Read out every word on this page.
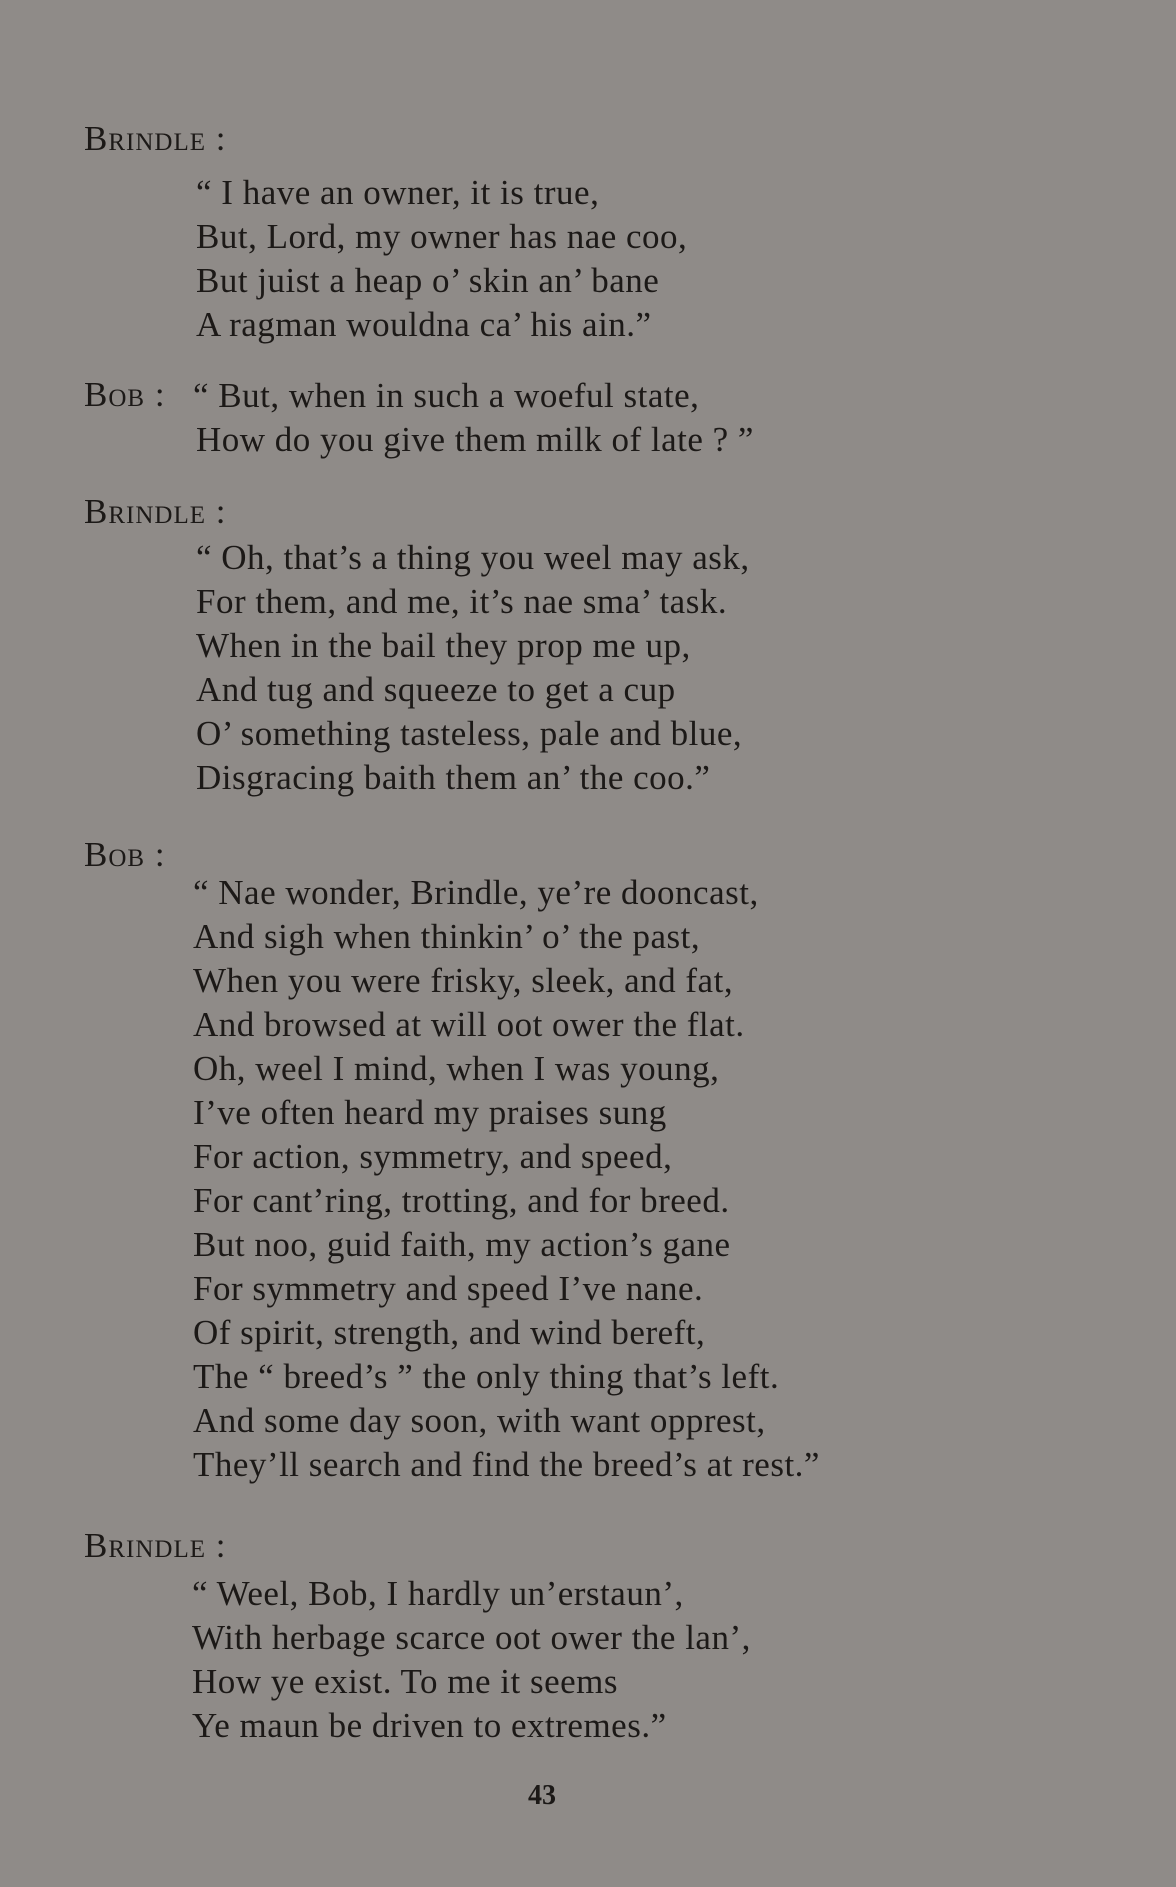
Brindle :
“ I have an owner, it is true,
But, Lord, my owner has nae coo,
But juist a heap o’ skin an’ bane
A ragman wouldna ca’ his ain.”
Bob : “ But, when in such a woeful state,
How do you give them milk of late ? ”
Brindle :
“ Oh, that’s a thing you weel may ask,
For them, and me, it’s nae sma’ task.
When in the bail they prop me up,
And tug and squeeze to get a cup
O’ something tasteless, pale and blue,
Disgracing baith them an’ the coo.”
Bob :
“ Nae wonder, Brindle, ye’re dooncast,
And sigh when thinkin’ o’ the past,
When you were frisky, sleek, and fat,
And browsed at will oot ower the flat.
Oh, weel I mind, when I was young,
I’ve often heard my praises sung
For action, symmetry, and speed,
For cant’ring, trotting, and for breed.
But noo, guid faith, my action’s gane
For symmetry and speed I’ve nane.
Of spirit, strength, and wind bereft,
The “ breed’s ” the only thing that’s left.
And some day soon, with want opprest,
They’ll search and find the breed’s at rest.”
Brindle :
“ Weel, Bob, I hardly un’erstaun’,
With herbage scarce oot ower the lan’,
How ye exist. To me it seems
Ye maun be driven to extremes.”
43
